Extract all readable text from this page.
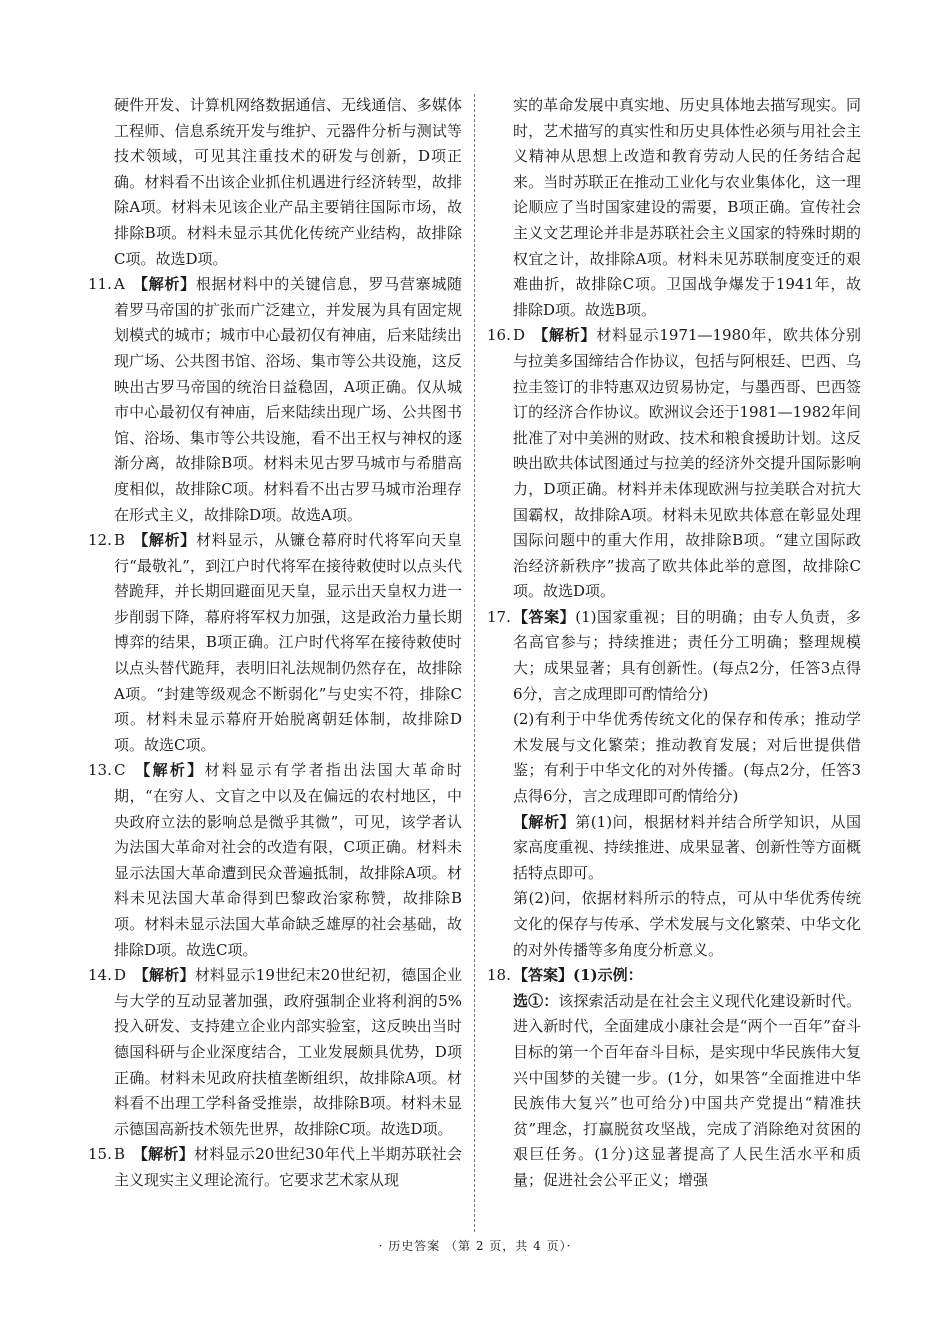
硬件开发、计算机网络数据通信、无线通信、多媒体工程师、信息系统开发与维护、元器件分析与测试等技术领域，可见其注重技术的研发与创新，D项正确。材料看不出该企业抓住机遇进行经济转型，故排除A项。材料未见该企业产品主要销往国际市场，故排除B项。材料未显示其优化传统产业结构，故排除C项。故选D项。
11. A  【解析】根据材料中的关键信息，罗马营寨城随着罗马帝国的扩张而广泛建立，并发展为具有固定规划模式的城市；城市中心最初仅有神庙，后来陆续出现广场、公共图书馆、浴场、集市等公共设施，这反映出古罗马帝国的统治日益稳固，A项正确。仅从城市中心最初仅有神庙，后来陆续出现广场、公共图书馆、浴场、集市等公共设施，看不出王权与神权的逐渐分离，故排除B项。材料未见古罗马城市与希腊高度相似，故排除C项。材料看不出古罗马城市治理存在形式主义，故排除D项。故选A项。
12. B  【解析】材料显示，从镰仓幕府时代将军向天皇行“最敬礼”，到江户时代将军在接待敕使时以点头代替跪拜，并长期回避面见天皇，显示出天皇权力进一步削弱下降，幕府将军权力加强，这是政治力量长期博弈的结果，B项正确。江户时代将军在接待敕使时以点头替代跪拜，表明旧礼法规制仍然存在，故排除A项。“封建等级观念不断弱化”与史实不符，排除C项。材料未显示幕府开始脱离朝廷体制，故排除D项。故选C项。
13. C  【解析】材料显示有学者指出法国大革命时期，“在穷人、文盲之中以及在偏远的农村地区，中央政府立法的影响总是微乎其微”，可见，该学者认为法国大革命对社会的改造有限，C项正确。材料未显示法国大革命遭到民众普遍抵制，故排除A项。材料未见法国大革命得到巴黎政治家称赞，故排除B项。材料未显示法国大革命缺乏雄厚的社会基础，故排除D项。故选C项。
14. D  【解析】材料显示19世纪末20世纪初，德国企业与大学的互动显著加强，政府强制企业将利润的5%投入研发、支持建立企业内部实验室，这反映出当时德国科研与企业深度结合，工业发展颇具优势，D项正确。材料未见政府扶植垄断组织，故排除A项。材料看不出理工学科备受推崇，故排除B项。材料未显示德国高新技术领先世界，故排除C项。故选D项。
15. B  【解析】材料显示20世纪30年代上半期苏联社会主义现实主义理论流行。它要求艺术家从现
实的革命发展中真实地、历史具体地去描写现实。同时，艺术描写的真实性和历史具体性必须与用社会主义精神从思想上改造和教育劳动人民的任务结合起来。当时苏联正在推动工业化与农业集体化，这一理论顺应了当时国家建设的需要，B项正确。宣传社会主义文艺理论并非是苏联社会主义国家的特殊时期的权宜之计，故排除A项。材料未见苏联制度变迁的艰难曲折，故排除C项。卫国战争爆发于1941年，故排除D项。故选B项。
16. D  【解析】材料显示1971—1980年，欧共体分别与拉美多国缔结合作协议，包括与阿根廷、巴西、乌拉圭签订的非特惠双边贸易协定，与墨西哥、巴西签订的经济合作协议。欧洲议会还于1981—1982年间批准了对中美洲的财政、技术和粮食援助计划。这反映出欧共体试图通过与拉美的经济外交提升国际影响力，D项正确。材料并未体现欧洲与拉美联合对抗大国霸权，故排除A项。材料未见欧共体意在彰显处理国际问题中的重大作用，故排除B项。“建立国际政治经济新秩序”拔高了欧共体此举的意图，故排除C项。故选D项。
17. 【答案】(1)国家重视；目的明确；由专人负责，多名高官参与；持续推进；责任分工明确；整理规模大；成果显著；具有创新性。(每点2分，任答3点得6分，言之成理即可酌情给分)
(2)有利于中华优秀传统文化的保存和传承；推动学术发展与文化繁荣；推动教育发展；对后世提供借鉴；有利于中华文化的对外传播。(每点2分，任答3点得6分，言之成理即可酌情给分)
【解析】第(1)问，根据材料并结合所学知识，从国家高度重视、持续推进、成果显著、创新性等方面概括特点即可。
第(2)问，依据材料所示的特点，可从中华优秀传统文化的保存与传承、学术发展与文化繁荣、中华文化的对外传播等多角度分析意义。
18. 【答案】(1)示例：
选①：该探索活动是在社会主义现代化建设新时代。进入新时代，全面建成小康社会是“两个一百年”奋斗目标的第一个百年奋斗目标，是实现中华民族伟大复兴中国梦的关键一步。(1分，如果答“全面推进中华民族伟大复兴”也可给分)中国共产党提出“精准扶贫”理念，打赢脱贫攻坚战，完成了消除绝对贫困的艰巨任务。(1分)这显著提高了人民生活水平和质量；促进社会公平正义；增强
· 历史答案 （第 2 页，共 4 页）·
